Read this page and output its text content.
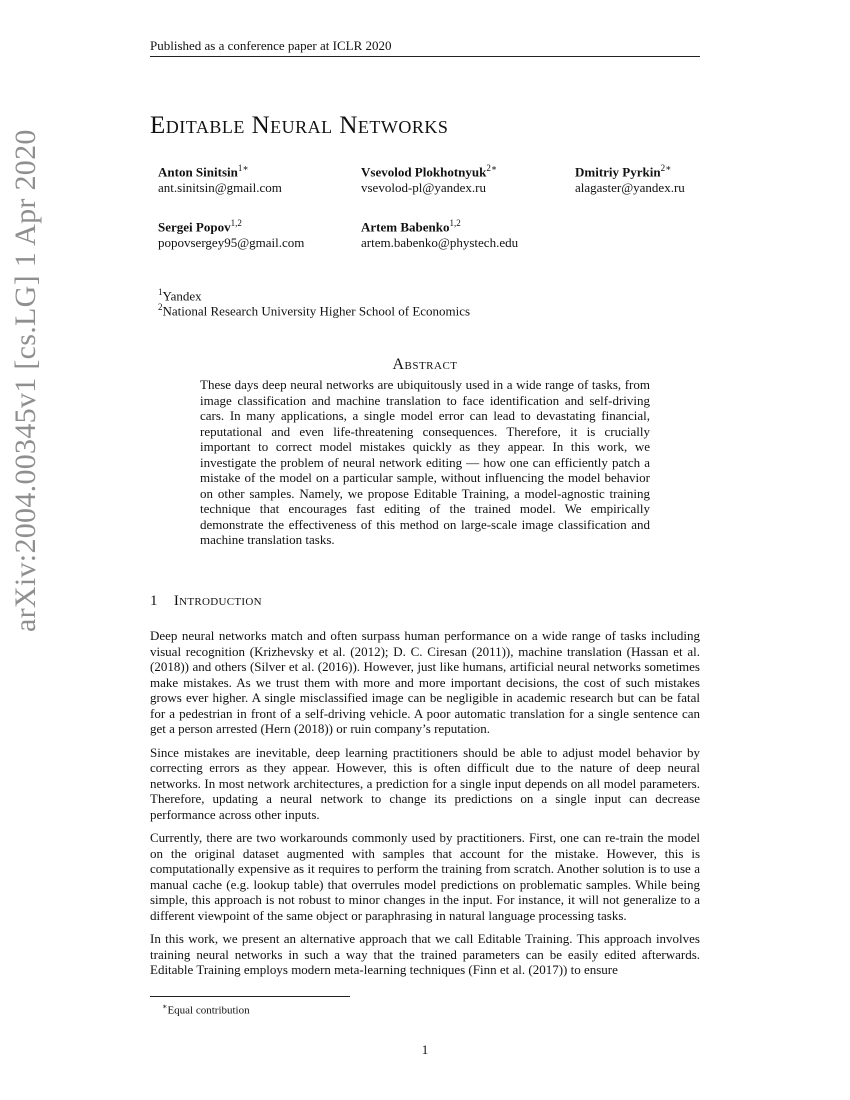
Published as a conference paper at ICLR 2020
arXiv:2004.00345v1 [cs.LG] 1 Apr 2020
Editable Neural Networks
Anton Sinitsin$^{1∗}$
ant.sinitsin@gmail.com
Vsevolod Plokhotnyuk$^{2∗}$
vsevolod-pl@yandex.ru
Dmitriy Pyrkin$^{2∗}$
alagaster@yandex.ru
Sergei Popov$^{1,2}$
popovsergey95@gmail.com
Artem Babenko$^{1,2}$
artem.babenko@phystech.edu
$^1$Yandex
$^2$National Research University Higher School of Economics
Abstract
These days deep neural networks are ubiquitously used in a wide range of tasks, from image classification and machine translation to face identification and self-driving cars. In many applications, a single model error can lead to devastating financial, reputational and even life-threatening consequences. Therefore, it is crucially important to correct model mistakes quickly as they appear. In this work, we investigate the problem of neural network editing — how one can efficiently patch a mistake of the model on a particular sample, without influencing the model behavior on other samples. Namely, we propose Editable Training, a model-agnostic training technique that encourages fast editing of the trained model. We empirically demonstrate the effectiveness of this method on large-scale image classification and machine translation tasks.
1 Introduction

Deep neural networks match and often surpass human performance on a wide range of tasks including visual recognition (Krizhevsky et al. (2012); D. C. Ciresan (2011)), machine translation (Hassan et al. (2018)) and others (Silver et al. (2016)). However, just like humans, artificial neural networks sometimes make mistakes. As we trust them with more and more important decisions, the cost of such mistakes grows ever higher. A single misclassified image can be negligible in academic research but can be fatal for a pedestrian in front of a self-driving vehicle. A poor automatic translation for a single sentence can get a person arrested (Hern (2018)) or ruin company’s reputation.

Since mistakes are inevitable, deep learning practitioners should be able to adjust model behavior by correcting errors as they appear. However, this is often difficult due to the nature of deep neural networks. In most network architectures, a prediction for a single input depends on all model parameters. Therefore, updating a neural network to change its predictions on a single input can decrease performance across other inputs.

Currently, there are two workarounds commonly used by practitioners. First, one can re-train the model on the original dataset augmented with samples that account for the mistake. However, this is computationally expensive as it requires to perform the training from scratch. Another solution is to use a manual cache (e.g. lookup table) that overrules model predictions on problematic samples. While being simple, this approach is not robust to minor changes in the input. For instance, it will not generalize to a different viewpoint of the same object or paraphrasing in natural language processing tasks.

In this work, we present an alternative approach that we call Editable Training. This approach involves training neural networks in such a way that the trained parameters can be easily edited afterwards. Editable Training employs modern meta-learning techniques (Finn et al. (2017)) to ensure

∗Equal contribution
1
